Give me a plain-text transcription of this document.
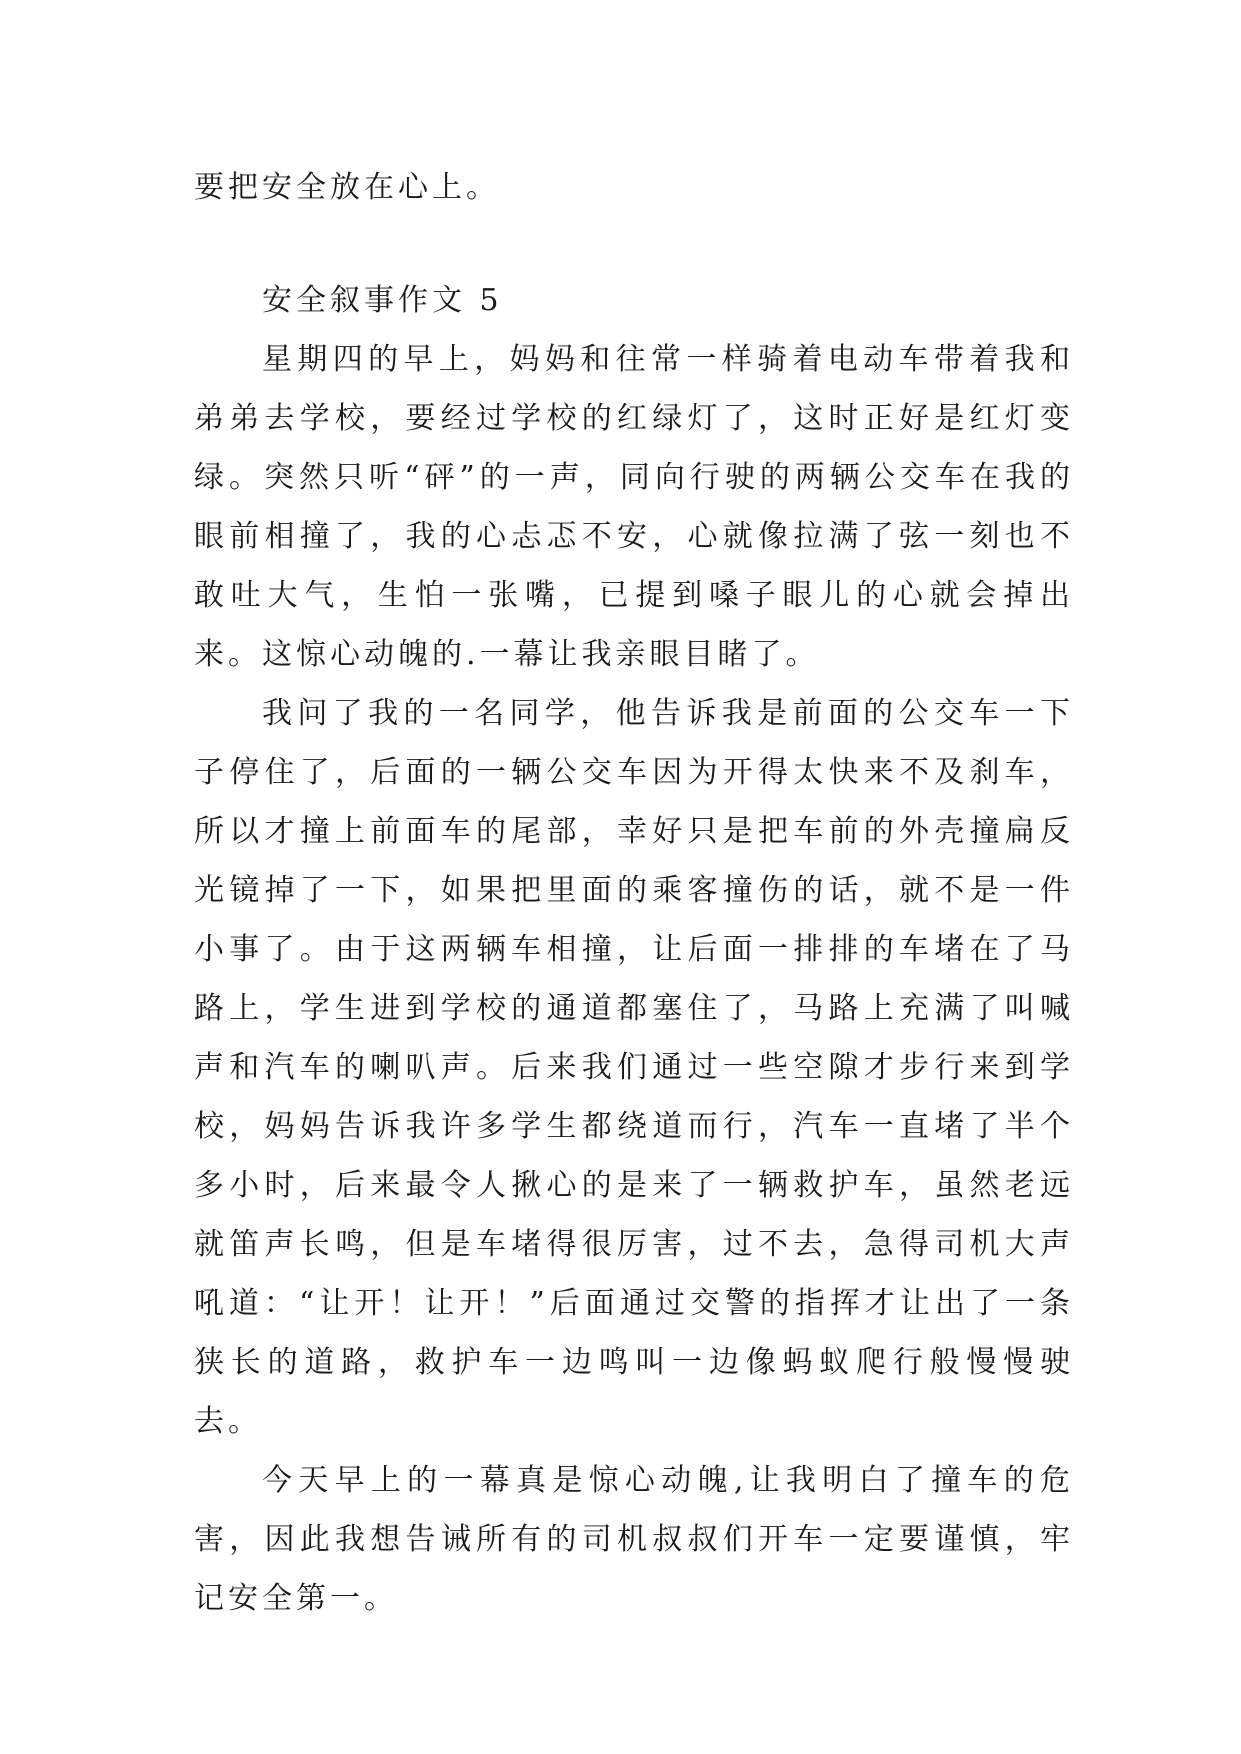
要把安全放在心上。

安全叙事作文 5

星期四的早上，妈妈和往常一样骑着电动车带着我和弟弟去学校，要经过学校的红绿灯了，这时正好是红灯变绿。突然只听“砰”的一声，同向行驶的两辆公交车在我的眼前相撞了，我的心忐忑不安，心就像拉满了弦一刻也不敢吐大气，生怕一张嘴，已提到嗓子眼儿的心就会掉出来。这惊心动魄的.一幕让我亲眼目睹了。

我问了我的一名同学，他告诉我是前面的公交车一下子停住了，后面的一辆公交车因为开得太快来不及刹车，所以才撞上前面车的尾部，幸好只是把车前的外壳撞扁反光镜掉了一下，如果把里面的乘客撞伤的话，就不是一件小事了。由于这两辆车相撞，让后面一排排的车堵在了马路上，学生进到学校的通道都塞住了，马路上充满了叫喊声和汽车的喇叭声。后来我们通过一些空隙才步行来到学校，妈妈告诉我许多学生都绕道而行，汽车一直堵了半个多小时，后来最令人揪心的是来了一辆救护车，虽然老远就笛声长鸣，但是车堵得很厉害，过不去，急得司机大声吼道：“让开！让开！”后面通过交警的指挥才让出了一条狭长的道路，救护车一边鸣叫一边像蚂蚁爬行般慢慢驶去。

今天早上的一幕真是惊心动魄,让我明白了撞车的危害，因此我想告诫所有的司机叔叔们开车一定要谨慎，牢记安全第一。
